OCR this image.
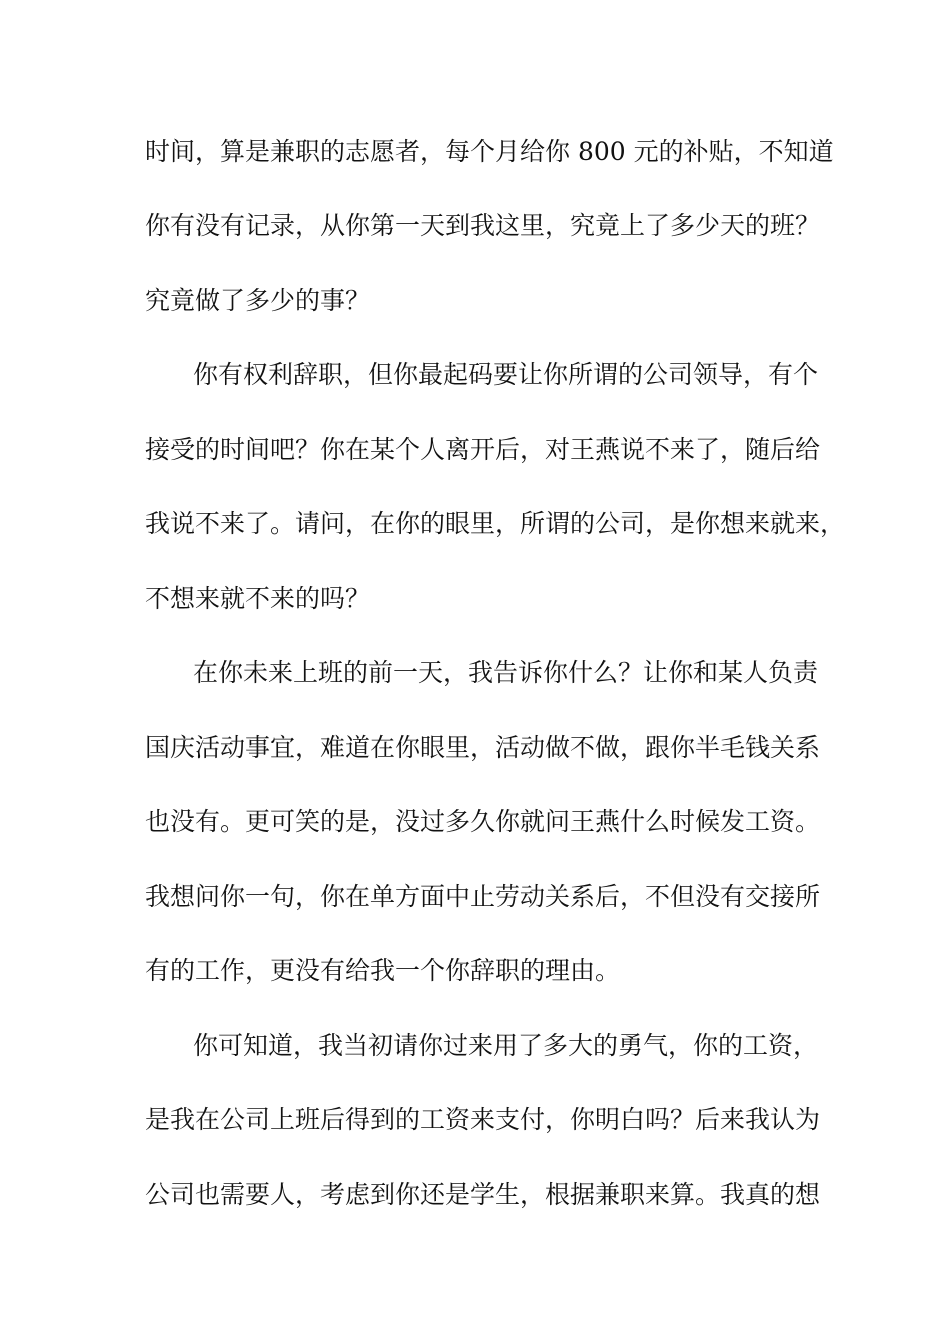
时间，算是兼职的志愿者，每个月给你 800 元的补贴，不知道
你有没有记录，从你第一天到我这里，究竟上了多少天的班？
究竟做了多少的事？
你有权利辞职，但你最起码要让你所谓的公司领导，有个
接受的时间吧？你在某个人离开后，对王燕说不来了，随后给
我说不来了。请问，在你的眼里，所谓的公司，是你想来就来，
不想来就不来的吗？
在你未来上班的前一天，我告诉你什么？让你和某人负责
国庆活动事宜，难道在你眼里，活动做不做，跟你半毛钱关系
也没有。更可笑的是，没过多久你就问王燕什么时候发工资。
我想问你一句，你在单方面中止劳动关系后，不但没有交接所
有的工作，更没有给我一个你辞职的理由。
你可知道，我当初请你过来用了多大的勇气，你的工资，
是我在公司上班后得到的工资来支付，你明白吗？后来我认为
公司也需要人，考虑到你还是学生，根据兼职来算。我真的想
